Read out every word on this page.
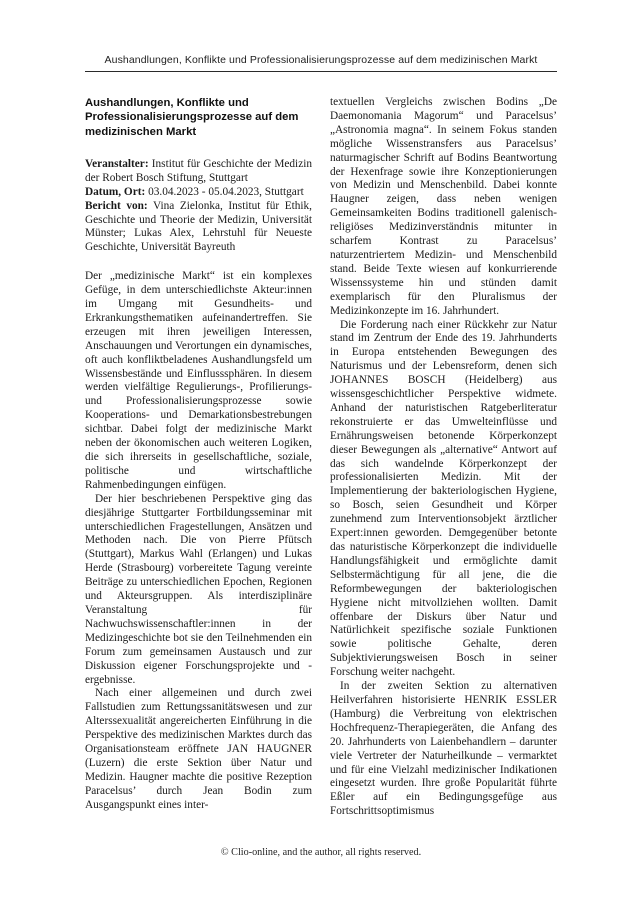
Aushandlungen, Konflikte und Professionalisierungsprozesse auf dem medizinischen Markt
Aushandlungen, Konflikte und Professionalisierungsprozesse auf dem medizinischen Markt

Veranstalter: Institut für Geschichte der Medizin der Robert Bosch Stiftung, Stuttgart

Datum, Ort: 03.04.2023 - 05.04.2023, Stuttgart

Bericht von: Vina Zielonka, Institut für Ethik, Geschichte und Theorie der Medizin, Universität Münster; Lukas Alex, Lehrstuhl für Neueste Geschichte, Universität Bayreuth

Der „medizinische Markt“ ist ein komplexes Gefüge, in dem unterschiedlichste Akteur:innen im Umgang mit Gesundheits- und Erkrankungsthematiken aufeinandertreffen. Sie erzeugen mit ihren jeweiligen Interessen, Anschauungen und Verortungen ein dynamisches, oft auch konfliktbeladenes Aushandlungsfeld um Wissensbestände und Einflusssphären. In diesem werden vielfältige Regulierungs-, Profilierungs- und Professionalisierungsprozesse sowie Kooperations- und Demarkationsbestrebungen sichtbar. Dabei folgt der medizinische Markt neben der ökonomischen auch weiteren Logiken, die sich ihrerseits in gesellschaftliche, soziale, politische und wirtschaftliche Rahmenbedingungen einfügen.

Der hier beschriebenen Perspektive ging das diesjährige Stuttgarter Fortbildungsseminar mit unterschiedlichen Fragestellungen, Ansätzen und Methoden nach. Die von Pierre Pfütsch (Stuttgart), Markus Wahl (Erlangen) und Lukas Herde (Strasbourg) vorbereitete Tagung vereinte Beiträge zu unterschiedlichen Epochen, Regionen und Akteursgruppen. Als interdisziplinäre Veranstaltung für Nachwuchswissenschaftler:innen in der Medizingeschichte bot sie den Teilnehmenden ein Forum zum gemeinsamen Austausch und zur Diskussion eigener Forschungsprojekte und -ergebnisse.

Nach einer allgemeinen und durch zwei Fallstudien zum Rettungssanitätswesen und zur Alterssexualität angereicherten Einführung in die Perspektive des medizinischen Marktes durch das Organisationsteam eröffnete JAN HAUGNER (Luzern) die erste Sektion über Natur und Medizin. Haugner machte die positive Rezeption Paracelsus’ durch Jean Bodin zum Ausgangspunkt eines inter-

textuellen Vergleichs zwischen Bodins „De Daemonomania Magorum“ und Paracelsus’ „Astronomia magna“. In seinem Fokus standen mögliche Wissenstransfers aus Paracelsus’ naturmagischer Schrift auf Bodins Beantwortung der Hexenfrage sowie ihre Konzeptionierungen von Medizin und Menschenbild. Dabei konnte Haugner zeigen, dass neben wenigen Gemeinsamkeiten Bodins traditionell galenisch-religiöses Medizinverständnis mitunter in scharfem Kontrast zu Paracelsus’ naturzentriertem Medizin- und Menschenbild stand. Beide Texte wiesen auf konkurrierende Wissenssysteme hin und stünden damit exemplarisch für den Pluralismus der Medizinkonzepte im 16. Jahrhundert.

Die Forderung nach einer Rückkehr zur Natur stand im Zentrum der Ende des 19. Jahrhunderts in Europa entstehenden Bewegungen des Naturismus und der Lebensreform, denen sich JOHANNES BOSCH (Heidelberg) aus wissensgeschichtlicher Perspektive widmete. Anhand der naturistischen Ratgeberliteratur rekonstruierte er das Umwelteinflüsse und Ernährungsweisen betonende Körperkonzept dieser Bewegungen als „alternative“ Antwort auf das sich wandelnde Körperkonzept der professionalisierten Medizin. Mit der Implementierung der bakteriologischen Hygiene, so Bosch, seien Gesundheit und Körper zunehmend zum Interventionsobjekt ärztlicher Expert:innen geworden. Demgegenüber betonte das naturistische Körperkonzept die individuelle Handlungsfähigkeit und ermöglichte damit Selbstermächtigung für all jene, die die Reformbewegungen der bakteriologischen Hygiene nicht mitvollziehen wollten. Damit offenbare der Diskurs über Natur und Natürlichkeit spezifische soziale Funktionen sowie politische Gehalte, deren Subjektivierungsweisen Bosch in seiner Forschung weiter nachgeht.

In der zweiten Sektion zu alternativen Heilverfahren historisierte HENRIK ESSLER (Hamburg) die Verbreitung von elektrischen Hochfrequenz-Therapiegeräten, die Anfang des 20. Jahrhunderts von Laienbehandlern – darunter viele Vertreter der Naturheilkunde – vermarktet und für eine Vielzahl medizinischer Indikationen eingesetzt wurden. Ihre große Popularität führte Eßler auf ein Bedingungsgefüge aus Fortschrittsoptimismus

© Clio-online, and the author, all rights reserved.
